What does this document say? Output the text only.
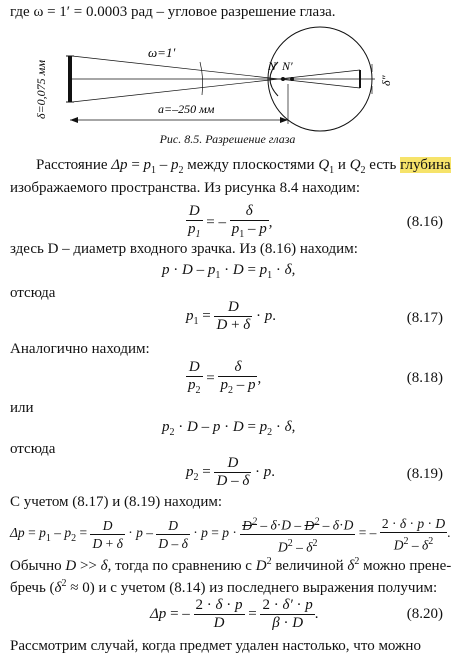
где ω = 1′ = 0.0003 рад – угловое разрешение глаза.
δ=0,075 мм
ω=1′
a=–250 мм
N N′
δ″
Рис. 8.5. Разрешение глаза
Расстояние $\Delta p = p_1 - p_2$ между плоскостями $Q_1$ и $Q_2$ есть глубина
изображаемого пространства. Из рисунка 8.4 находим:
$\frac{D}{p_1}$ = – $\frac{\delta}{p_1 - p}$ ,	(8.16)
здесь D – диаметр входного зрачка. Из (8.16) находим:
$p \cdot D - p_1 \cdot D = p_1 \cdot \delta$,
отсюда
$p_1 = \frac{D}{D + \delta} \cdot p$.	(8.17)
Аналогично находим:
$\frac{D}{p_2} = \frac{\delta}{p_2 - p}$ ,	(8.18)
или
$p_2 \cdot D - p \cdot D = p_2 \cdot \delta$,
отсюда
$p_2 = \frac{D}{D - \delta} \cdot p$.	(8.19)
С учетом (8.17) и (8.19) находим:
$\Delta p = p_1 - p_2 = \frac{D}{D + \delta} \cdot p - \frac{D}{D - \delta} \cdot p = p \cdot \frac{D^2 - \delta\cdot D - D^2 - \delta\cdot D}{D^2 - \delta^2}$ = – $\frac{2 \cdot \delta \cdot p \cdot D}{D^2 - \delta^2}$ .
Обычно D >> δ, тогда по сравнению с $D^2$ величиной $\delta^2$ можно прене-
бречь $(\delta^2 \approx 0)$ и с учетом (8.14) из последнего выражения получим:
Δp = – $\frac{2 \cdot \delta \cdot p}{D} = \frac{2 \cdot \delta' \cdot p}{\beta \cdot D}$ .	(8.20)
Рассмотрим случай, когда предмет удален настолько, что можно
